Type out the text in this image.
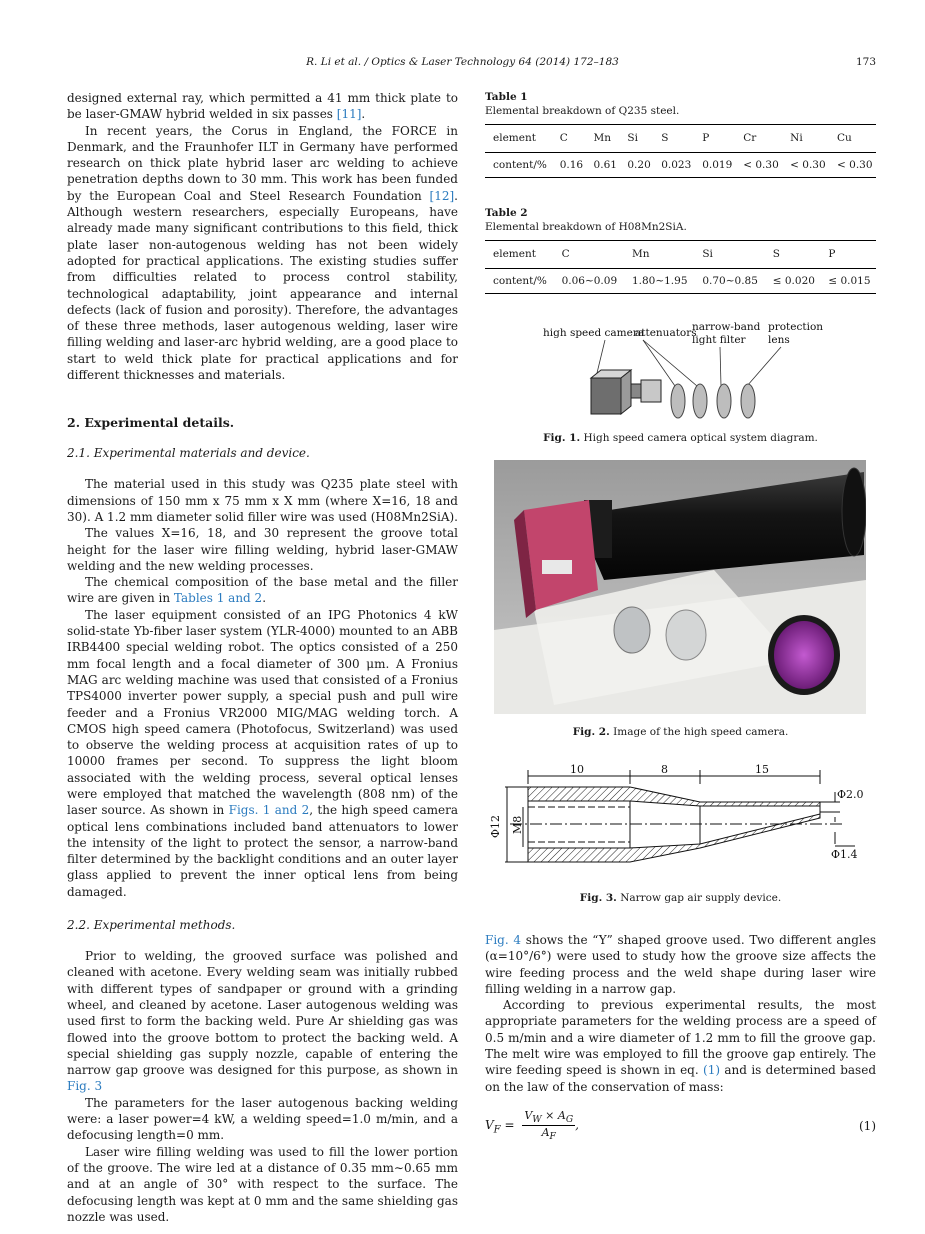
R. Li et al. / Optics & Laser Technology 64 (2014) 172–183	173

designed external ray, which permitted a 41 mm thick plate to be laser-GMAW hybrid welded in six passes [11].

In recent years, the Corus in England, the FORCE in Denmark, and the Fraunhofer ILT in Germany have performed research on thick plate hybrid laser arc welding to achieve penetration depths down to 30 mm. This work has been funded by the European Coal and Steel Research Foundation [12]. Although western researchers, especially Europeans, have already made many significant contributions to this field, thick plate laser non-autogenous welding has not been widely adopted for practical applications. The existing studies suffer from difficulties related to process control stability, technological adaptability, joint appearance and internal defects (lack of fusion and porosity). Therefore, the advantages of these three methods, laser autogenous welding, laser wire filling welding and laser-arc hybrid welding, are a good place to start to weld thick plate for practical applications and for different thicknesses and materials.

2. Experimental details.
2.1. Experimental materials and device.

The material used in this study was Q235 plate steel with dimensions of 150 mm x 75 mm x X mm (where X=16, 18 and 30). A 1.2 mm diameter solid filler wire was used (H08Mn2SiA).

The values X=16, 18, and 30 represent the groove total height for the laser wire filling welding, hybrid laser-GMAW welding and the new welding processes.

The chemical composition of the base metal and the filler wire are given in Tables 1 and 2.

The laser equipment consisted of an IPG Photonics 4 kW solid-state Yb-fiber laser system (YLR-4000) mounted to an ABB IRB4400 special welding robot. The optics consisted of a 250 mm focal length and a focal diameter of 300 μm. A Fronius MAG arc welding machine was used that consisted of a Fronius TPS4000 inverter power supply, a special push and pull wire feeder and a Fronius VR2000 MIG/MAG welding torch. A CMOS high speed camera (Photofocus, Switzerland) was used to observe the welding process at acquisition rates of up to 10000 frames per second. To suppress the light bloom associated with the welding process, several optical lenses were employed that matched the wavelength (808 nm) of the laser source. As shown in Figs. 1 and 2, the high speed camera optical lens combinations included band attenuators to lower the intensity of the light to protect the sensor, a narrow-band filter determined by the backlight conditions and an outer layer glass applied to prevent the inner optical lens from being damaged.

2.2. Experimental methods.

Prior to welding, the grooved surface was polished and cleaned with acetone. Every welding seam was initially rubbed with different types of sandpaper or ground with a grinding wheel, and cleaned by acetone. Laser autogenous welding was used first to form the backing weld. Pure Ar shielding gas was flowed into the groove bottom to protect the backing weld. A special shielding gas supply nozzle, capable of entering the narrow gap groove was designed for this purpose, as shown in Fig. 3

The parameters for the laser autogenous backing welding were: a laser power=4 kW, a welding speed=1.0 m/min, and a defocusing length=0 mm.

Laser wire filling welding was used to fill the lower portion of the groove. The wire led at a distance of 0.35 mm∼0.65 mm and at an angle of 30° with respect to the surface. The defocusing length was kept at 0 mm and the same shielding gas nozzle was used.

Table 1
Elemental breakdown of Q235 steel.
element	C	Mn	Si	S	P	Cr	Ni	Cu
content/%	0.16	0.61	0.20	0.023	0.019	< 0.30	< 0.30	< 0.30
Table 2
Elemental breakdown of H08Mn2SiA.
element	C	Mn	Si	S	P
content/%	0.06∼0.09	1.80∼1.95	0.70∼0.85	≤ 0.020	≤ 0.015
high speed camera
attenuators
narrow-band
light filter
protection
lens
Fig. 1. High speed camera optical system diagram.
Fig. 2. Image of the high speed camera.
10	8	15
Φ2.0
Φ12 M8
Φ1.4
Fig. 3. Narrow gap air supply device.

Fig. 4 shows the “Y” shaped groove used. Two different angles (α=10°/6°) were used to study how the groove size affects the wire feeding process and the weld shape during laser wire filling welding in a narrow gap.

According to previous experimental results, the most appropriate parameters for the welding process are a speed of 0.5 m/min and a wire diameter of 1.2 mm to fill the groove gap. The melt wire was employed to fill the groove gap entirely. The wire feeding speed is shown in eq. (1) and is determined based on the law of the conservation of mass:

$V_F = \frac{V_W \times A_G}{A_F}$ ,	(1)
